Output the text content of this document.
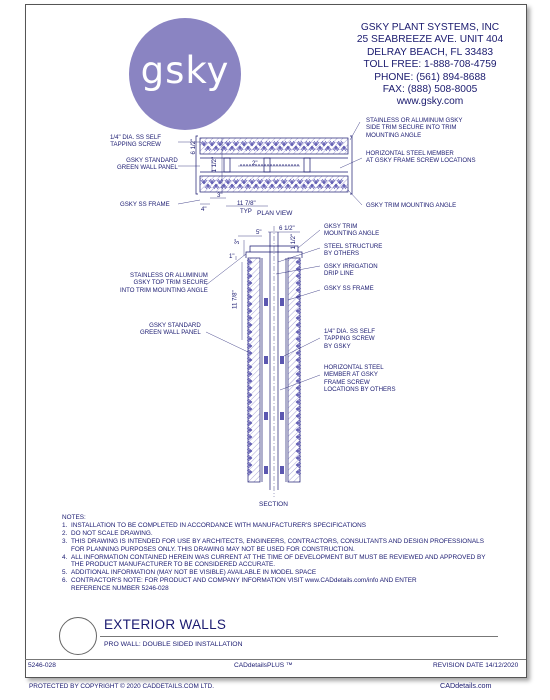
gsky
GSKY PLANT SYSTEMS, INC
25 SEABREEZE AVE. UNIT 404
DELRAY BEACH, FL 33483
TOLL FREE: 1-888-708-4759
PHONE: (561) 894-8688
FAX: (888) 508-8005
www.gsky.com
1/4" DIA. SS SELF
TAPPING SCREW
GSKY STANDARD
GREEN WALL PANEL
GSKY SS FRAME
STAINLESS OR ALUMINUM GSKY
SIDE TRIM SECURE INTO TRIM
MOUNTING ANGLE
HORIZONTAL STEEL MEMBER
AT GSKY FRAME SCREW LOCATIONS
GSKY TRIM MOUNTING ANGLE
6 1/2"
1 1/2"	2"
3"
4"
11 7/8"
TYP PLAN VIEW
GKSY TRIM
MOUNTING ANGLE
STEEL STRUCTURE
BY OTHERS
GSKY IRRIGATION
DRIP LINE
STAINLESS OR ALUMINUM
GSKY TOP TRIM SECURE
INTO TRIM MOUNTING ANGLE	GSKY SS FRAME
GSKY STANDARD
GREEN WALL PANEL	1/4" DIA. SS SELF
TAPPING SCREW
BY GSKY
HORIZONTAL STEEL
MEMBER AT GSKY
FRAME SCREW
LOCATIONS BY OTHERS
5"
6 1/2"
3"
1"
11 7/8"
1 1/2"
SECTION
NOTES:
1. INSTALLATION TO BE COMPLETED IN ACCORDANCE WITH MANUFACTURER'S SPECIFICATIONS
2. DO NOT SCALE DRAWING.
3. THIS DRAWING IS INTENDED FOR USE BY ARCHITECTS, ENGINEERS, CONTRACTORS, CONSULTANTS AND DESIGN PROFESSIONALS
FOR PLANNING PURPOSES ONLY. THIS DRAWING MAY NOT BE USED FOR CONSTRUCTION.
4. ALL INFORMATION CONTAINED HEREIN WAS CURRENT AT THE TIME OF DEVELOPMENT BUT MUST BE REVIEWED AND APPROVED BY
THE PRODUCT MANUFACTURER TO BE CONSIDERED ACCURATE.
5. ADDITIONAL INFORMATION (MAY NOT BE VISIBLE) AVAILABLE IN MODEL SPACE
6. CONTRACTOR'S NOTE: FOR PRODUCT AND COMPANY INFORMATION VISIT www.CADdetails.com/info AND ENTER
REFERENCE NUMBER 5246-028
EXTERIOR WALLS
PRO WALL: DOUBLE SIDED INSTALLATION
5246-028	CADdetailsPLUS ™	REVISION DATE 14/12/2020
PROTECTED BY COPYRIGHT © 2020 CADDETAILS.COM LTD.	CADdetails.com
